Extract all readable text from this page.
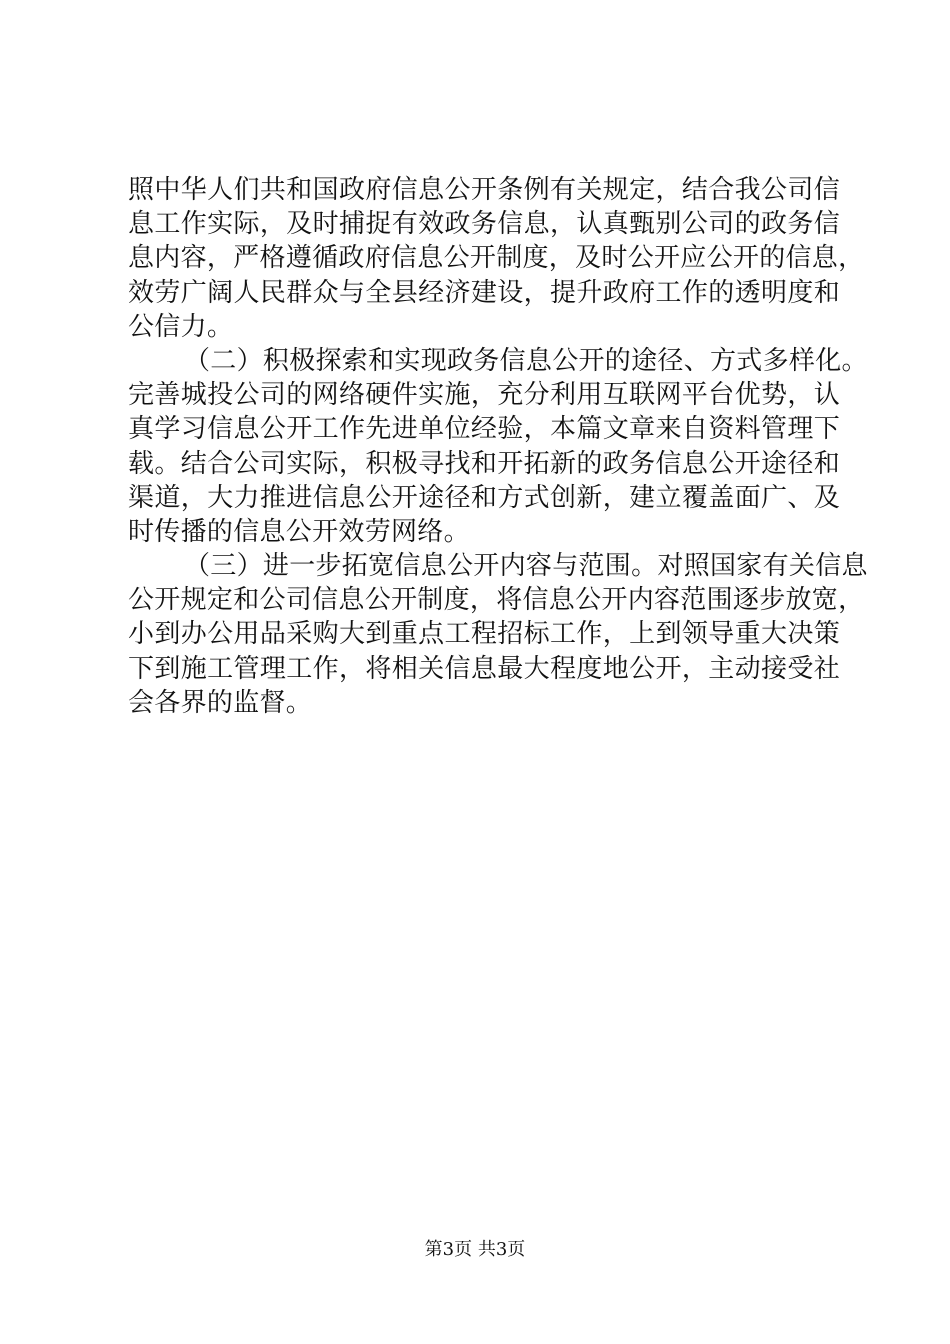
照中华人们共和国政府信息公开条例有关规定，结合我公司信
息工作实际，及时捕捉有效政务信息，认真甄别公司的政务信
息内容，严格遵循政府信息公开制度，及时公开应公开的信息，
效劳广阔人民群众与全县经济建设，提升政府工作的透明度和
公信力。
（二）积极探索和实现政务信息公开的途径、方式多样化。
完善城投公司的网络硬件实施，充分利用互联网平台优势，认
真学习信息公开工作先进单位经验，本篇文章来自资料管理下
载。结合公司实际，积极寻找和开拓新的政务信息公开途径和
渠道，大力推进信息公开途径和方式创新，建立覆盖面广、及
时传播的信息公开效劳网络。
（三）进一步拓宽信息公开内容与范围。对照国家有关信息
公开规定和公司信息公开制度，将信息公开内容范围逐步放宽，
小到办公用品采购大到重点工程招标工作，上到领导重大决策
下到施工管理工作，将相关信息最大程度地公开，主动接受社
会各界的监督。
第3页 共3页
